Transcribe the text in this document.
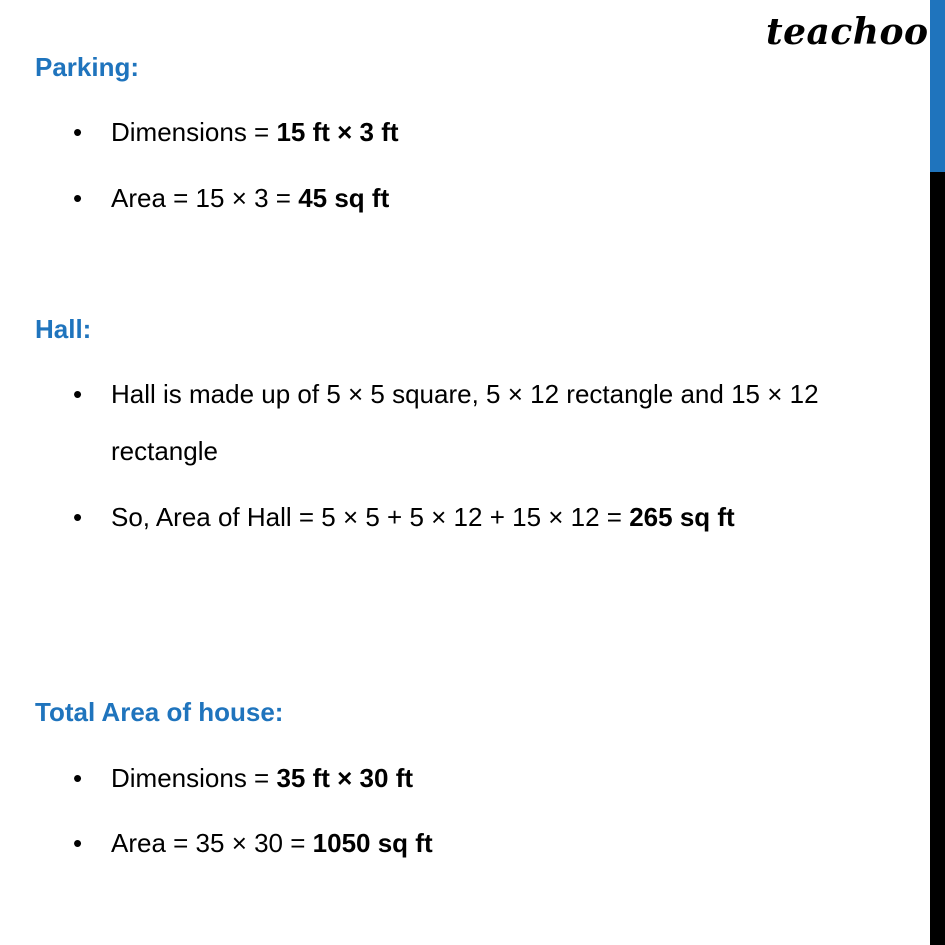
teachoo
Parking:
• Dimensions = 15 ft × 3 ft
• Area = 15 × 3 = 45 sq ft
Hall:
• Hall is made up of 5 × 5 square, 5 × 12 rectangle and 15 × 12
rectangle
• So, Area of Hall = 5 × 5 + 5 × 12 + 15 × 12 = 265 sq ft
Total Area of house:
• Dimensions = 35 ft × 30 ft
• Area = 35 × 30 = 1050 sq ft
